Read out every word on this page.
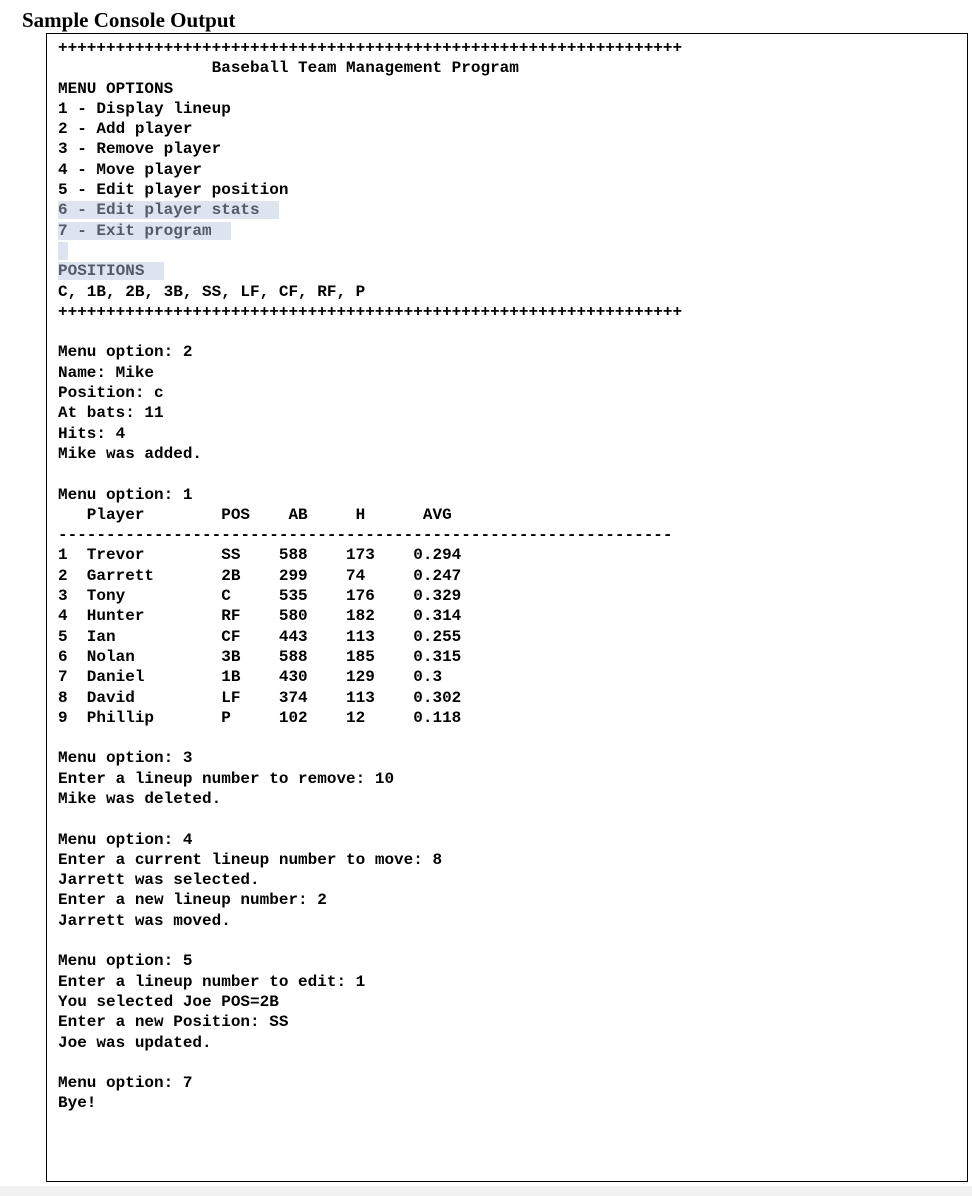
Sample Console Output
+++++++++++++++++++++++++++++++++++++++++++++++++++++++++++++++++
Baseball Team Management Program
MENU OPTIONS
1 - Display lineup
2 - Add player
3 - Remove player
4 - Move player
5 - Edit player position
6 - Edit player stats
7 - Exit program

POSITIONS
C, 1B, 2B, 3B, SS, LF, CF, RF, P
+++++++++++++++++++++++++++++++++++++++++++++++++++++++++++++++++

Menu option: 2
Name: Mike
Position: c
At bats: 11
Hits: 4
Mike was added.

Menu option: 1
Player        POS    AB     H      AVG
----------------------------------------------------------------
1  Trevor        SS    588    173    0.294
2  Garrett       2B    299    74     0.247
3  Tony          C     535    176    0.329
4  Hunter        RF    580    182    0.314
5  Ian           CF    443    113    0.255
6  Nolan         3B    588    185    0.315
7  Daniel        1B    430    129    0.3
8  David         LF    374    113    0.302
9  Phillip       P     102    12     0.118

Menu option: 3
Enter a lineup number to remove: 10
Mike was deleted.

Menu option: 4
Enter a current lineup number to move: 8
Jarrett was selected.
Enter a new lineup number: 2
Jarrett was moved.

Menu option: 5
Enter a lineup number to edit: 1
You selected Joe POS=2B
Enter a new Position: SS
Joe was updated.

Menu option: 7
Bye!
